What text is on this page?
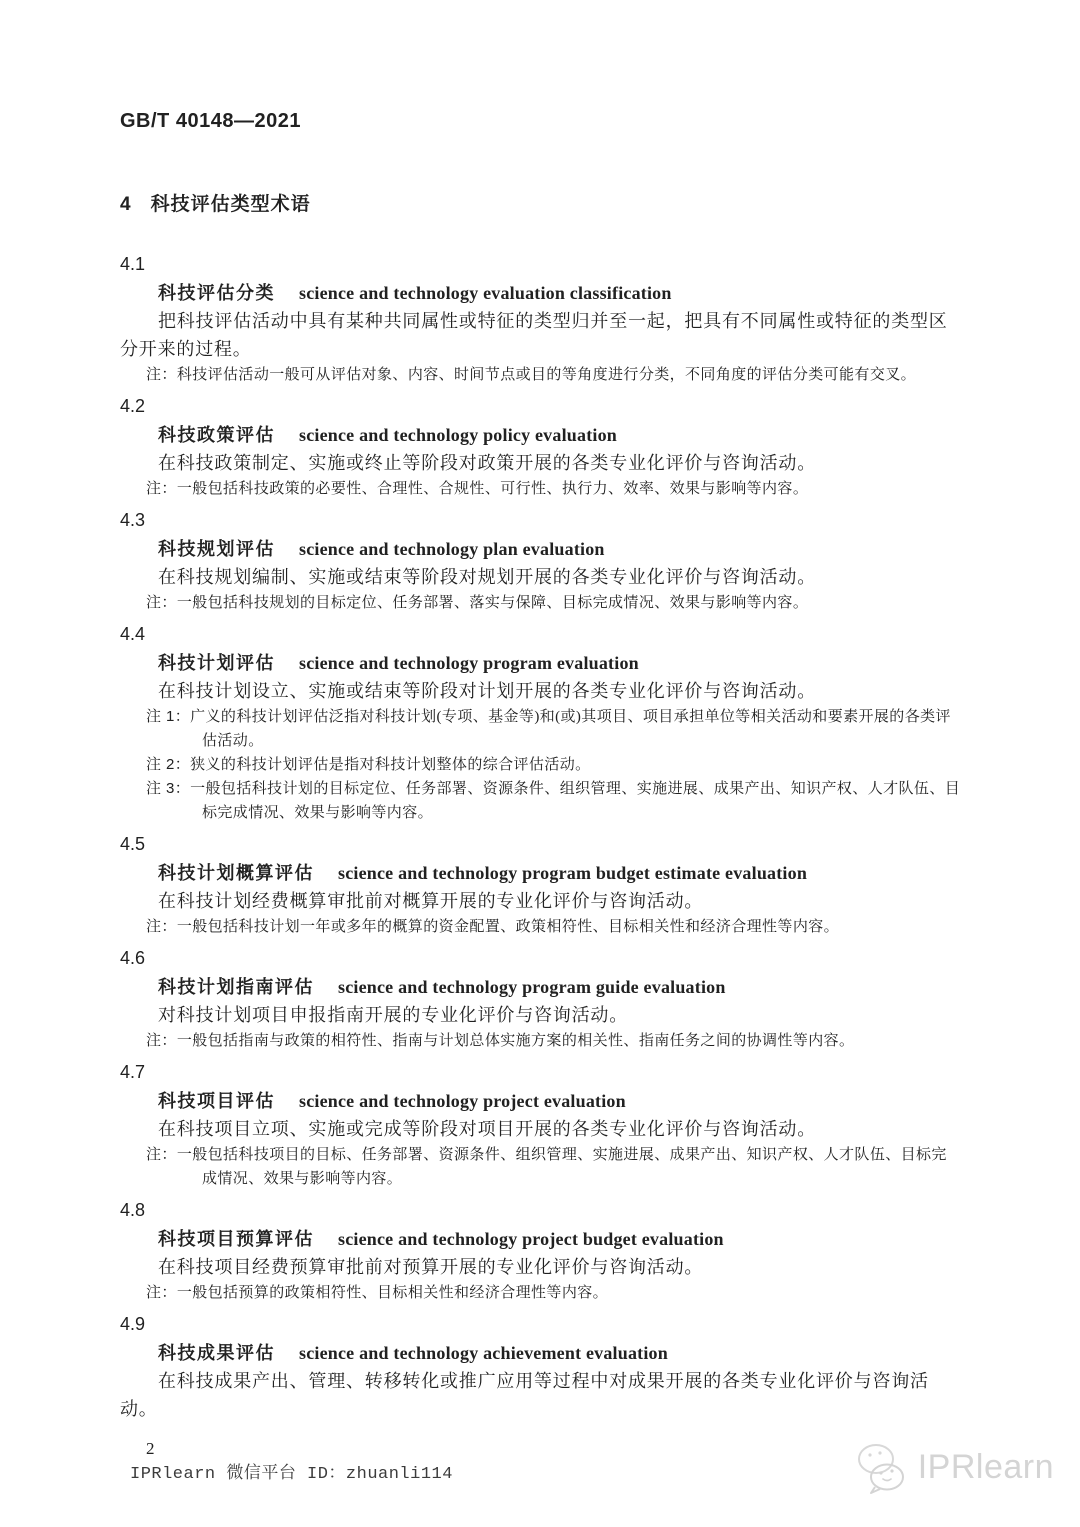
GB/T 40148—2021
4 科技评估类型术语
4.1
科技评估分类 science and technology evaluation classification

把科技评估活动中具有某种共同属性或特征的类型归并至一起，把具有不同属性或特征的类型区分开来的过程。

注：科技评估活动一般可从评估对象、内容、时间节点或目的等角度进行分类，不同角度的评估分类可能有交叉。

4.2
科技政策评估 science and technology policy evaluation

在科技政策制定、实施或终止等阶段对政策开展的各类专业化评价与咨询活动。

注：一般包括科技政策的必要性、合理性、合规性、可行性、执行力、效率、效果与影响等内容。

4.3
科技规划评估 science and technology plan evaluation

在科技规划编制、实施或结束等阶段对规划开展的各类专业化评价与咨询活动。

注：一般包括科技规划的目标定位、任务部署、落实与保障、目标完成情况、效果与影响等内容。

4.4
科技计划评估 science and technology program evaluation

在科技计划设立、实施或结束等阶段对计划开展的各类专业化评价与咨询活动。

注 1：广义的科技计划评估泛指对科技计划(专项、基金等)和(或)其项目、项目承担单位等相关活动和要素开展的各类评估活动。

注 2：狭义的科技计划评估是指对科技计划整体的综合评估活动。

注 3：一般包括科技计划的目标定位、任务部署、资源条件、组织管理、实施进展、成果产出、知识产权、人才队伍、目标完成情况、效果与影响等内容。

4.5
科技计划概算评估 science and technology program budget estimate evaluation

在科技计划经费概算审批前对概算开展的专业化评价与咨询活动。

注：一般包括科技计划一年或多年的概算的资金配置、政策相符性、目标相关性和经济合理性等内容。

4.6
科技计划指南评估 science and technology program guide evaluation

对科技计划项目申报指南开展的专业化评价与咨询活动。

注：一般包括指南与政策的相符性、指南与计划总体实施方案的相关性、指南任务之间的协调性等内容。

4.7
科技项目评估 science and technology project evaluation

在科技项目立项、实施或完成等阶段对项目开展的各类专业化评价与咨询活动。

注：一般包括科技项目的目标、任务部署、资源条件、组织管理、实施进展、成果产出、知识产权、人才队伍、目标完成情况、效果与影响等内容。

4.8
科技项目预算评估 science and technology project budget evaluation

在科技项目经费预算审批前对预算开展的专业化评价与咨询活动。

注：一般包括预算的政策相符性、目标相关性和经济合理性等内容。

4.9
科技成果评估 science and technology achievement evaluation

在科技成果产出、管理、转移转化或推广应用等过程中对成果开展的各类专业化评价与咨询活动。

2
IPRlearn 微信平台 ID：zhuanli114	IPRlearn
